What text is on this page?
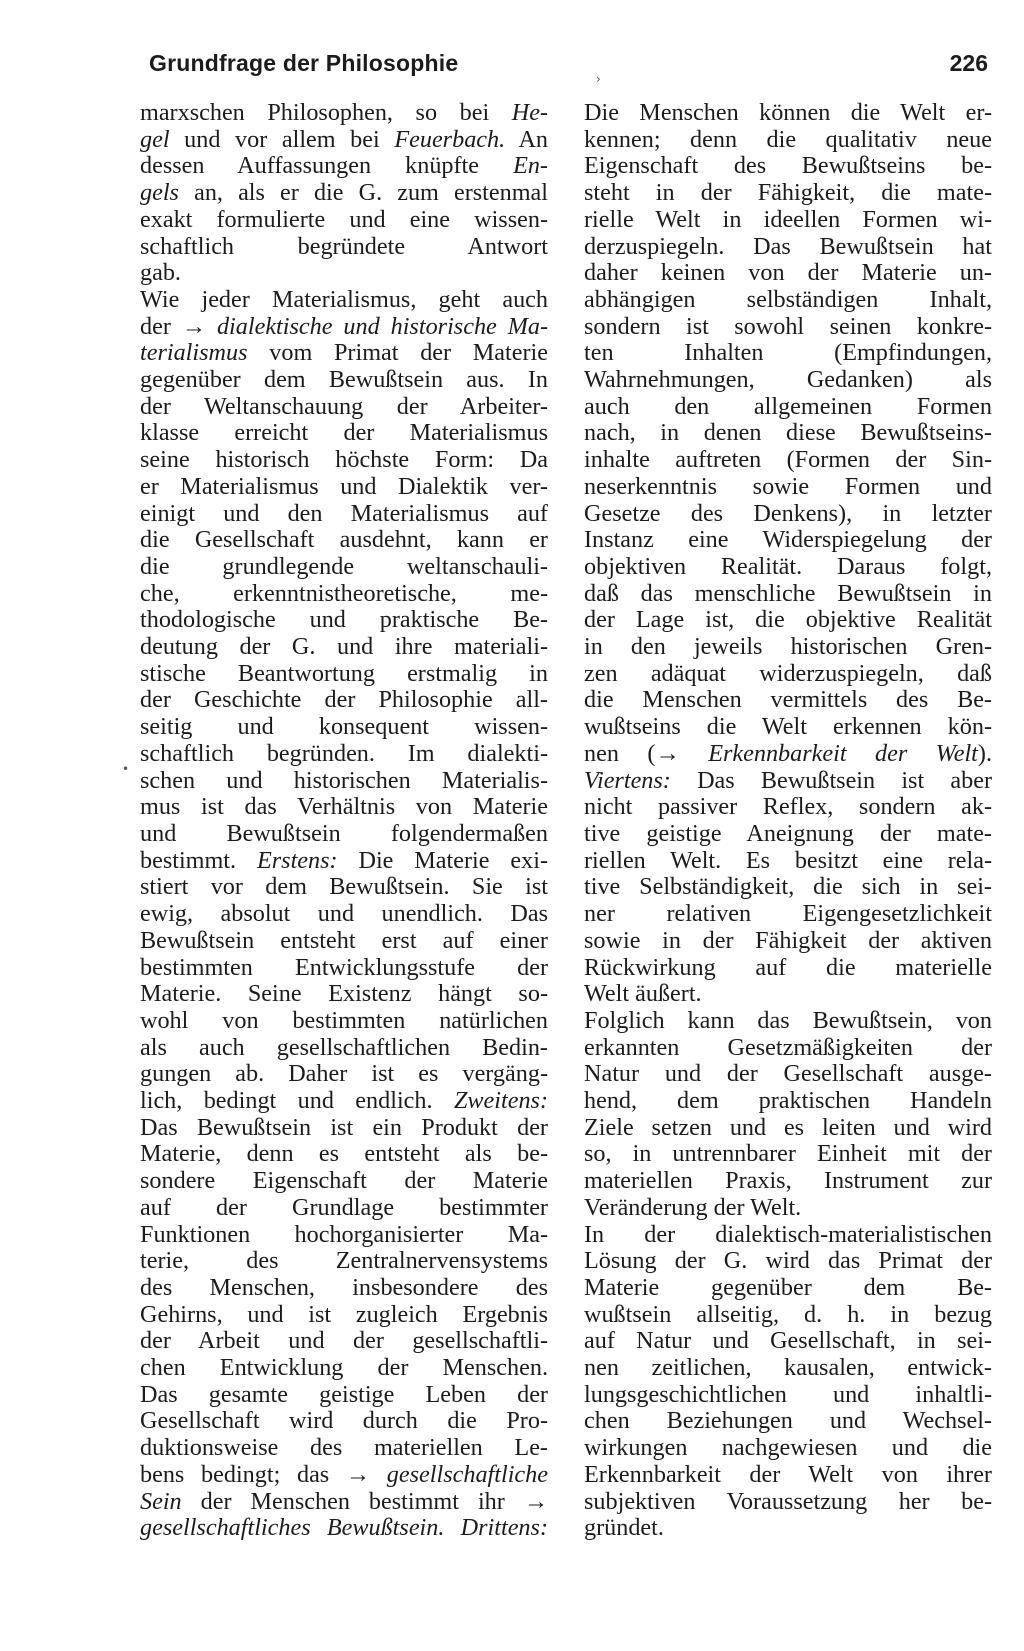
Grundfrage der Philosophie	226

marxschen Philosophen, so bei He-
gel und vor allem bei Feuerbach. An
dessen Auffassungen knüpfte En-
gels an, als er die G. zum erstenmal
exakt formulierte und eine wissen-
schaftlich begründete Antwort
gab.

Wie jeder Materialismus, geht auch
der → dialektische und historische Ma-
terialismus vom Primat der Materie
gegenüber dem Bewußtsein aus. In
der Weltanschauung der Arbeiter-
klasse erreicht der Materialismus
seine historisch höchste Form: Da
er Materialismus und Dialektik ver-
einigt und den Materialismus auf
die Gesellschaft ausdehnt, kann er
die grundlegende weltanschauli-
che, erkenntnistheoretische, me-
thodologische und praktische Be-
deutung der G. und ihre materiali-
stische Beantwortung erstmalig in
der Geschichte der Philosophie all-
seitig und konsequent wissen-
schaftlich begründen. Im dialekti-
schen und historischen Materialis-
mus ist das Verhältnis von Materie
und Bewußtsein folgendermaßen
bestimmt. Erstens: Die Materie exi-
stiert vor dem Bewußtsein. Sie ist
ewig, absolut und unendlich. Das
Bewußtsein entsteht erst auf einer
bestimmten Entwicklungsstufe der
Materie. Seine Existenz hängt so-
wohl von bestimmten natürlichen
als auch gesellschaftlichen Bedin-
gungen ab. Daher ist es vergäng-
lich, bedingt und endlich. Zweitens:
Das Bewußtsein ist ein Produkt der
Materie, denn es entsteht als be-
sondere Eigenschaft der Materie
auf der Grundlage bestimmter
Funktionen hochorganisierter Ma-
terie, des Zentralnervensystems
des Menschen, insbesondere des
Gehirns, und ist zugleich Ergebnis
der Arbeit und der gesellschaftli-
chen Entwicklung der Menschen.
Das gesamte geistige Leben der
Gesellschaft wird durch die Pro-
duktionsweise des materiellen Le-
bens bedingt; das → gesellschaftliche
Sein der Menschen bestimmt ihr →
gesellschaftliches Bewußtsein. Drittens:

Die Menschen können die Welt er-
kennen; denn die qualitativ neue
Eigenschaft des Bewußtseins be-
steht in der Fähigkeit, die mate-
rielle Welt in ideellen Formen wi-
derzuspiegeln. Das Bewußtsein hat
daher keinen von der Materie un-
abhängigen selbständigen Inhalt,
sondern ist sowohl seinen konkre-
ten Inhalten (Empfindungen,
Wahrnehmungen, Gedanken) als
auch den allgemeinen Formen
nach, in denen diese Bewußtseins-
inhalte auftreten (Formen der Sin-
neserkenntnis sowie Formen und
Gesetze des Denkens), in letzter
Instanz eine Widerspiegelung der
objektiven Realität. Daraus folgt,
daß das menschliche Bewußtsein in
der Lage ist, die objektive Realität
in den jeweils historischen Gren-
zen adäquat widerzuspiegeln, daß
die Menschen vermittels des Be-
wußtseins die Welt erkennen kön-
nen (→ Erkennbarkeit der Welt).
Viertens: Das Bewußtsein ist aber
nicht passiver Reflex, sondern ak-
tive geistige Aneignung der mate-
riellen Welt. Es besitzt eine rela-
tive Selbständigkeit, die sich in sei-
ner relativen Eigengesetzlichkeit
sowie in der Fähigkeit der aktiven
Rückwirkung auf die materielle
Welt äußert.

Folglich kann das Bewußtsein, von
erkannten Gesetzmäßigkeiten der
Natur und der Gesellschaft ausge-
hend, dem praktischen Handeln
Ziele setzen und es leiten und wird
so, in untrennbarer Einheit mit der
materiellen Praxis, Instrument zur
Veränderung der Welt.

In der dialektisch-materialistischen
Lösung der G. wird das Primat der
Materie gegenüber dem Be-
wußtsein allseitig, d. h. in bezug
auf Natur und Gesellschaft, in sei-
nen zeitlichen, kausalen, entwick-
lungsgeschichtlichen und inhaltli-
chen Beziehungen und Wechsel-
wirkungen nachgewiesen und die
Erkennbarkeit der Welt von ihrer
subjektiven Voraussetzung her be-
gründet.

›
•
